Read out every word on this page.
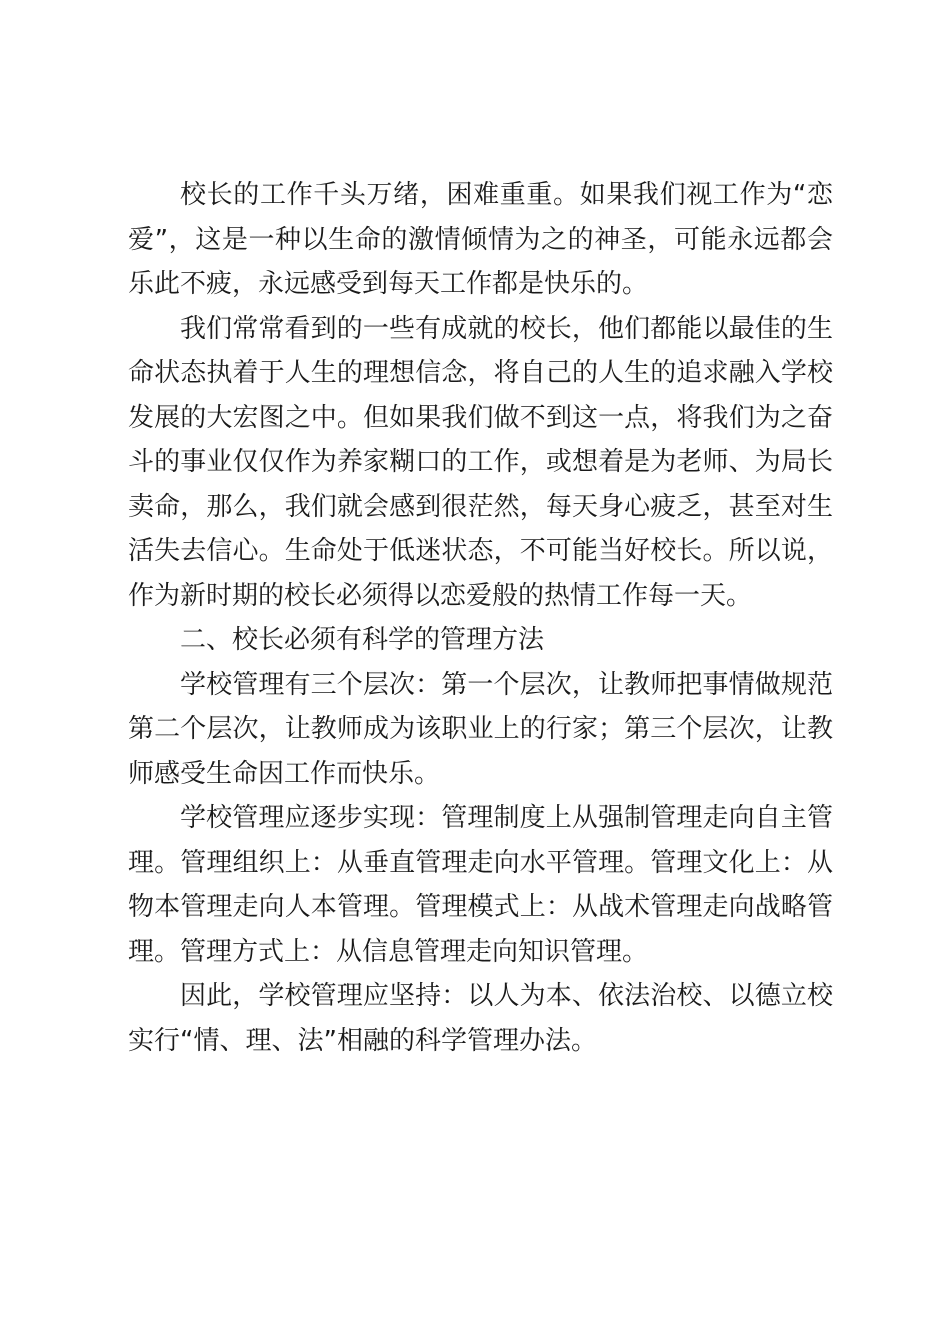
校长的工作千头万绪，困难重重。如果我们视工作为“恋爱”，这是一种以生命的激情倾情为之的神圣，可能永远都会乐此不疲，永远感受到每天工作都是快乐的。

我们常常看到的一些有成就的校长，他们都能以最佳的生命状态执着于人生的理想信念，将自己的人生的追求融入学校发展的大宏图之中。但如果我们做不到这一点，将我们为之奋斗的事业仅仅作为养家糊口的工作，或想着是为老师、为局长卖命，那么，我们就会感到很茫然，每天身心疲乏，甚至对生活失去信心。生命处于低迷状态，不可能当好校长。所以说，作为新时期的校长必须得以恋爱般的热情工作每一天。

二、校长必须有科学的管理方法

学校管理有三个层次：第一个层次，让教师把事情做规范第二个层次，让教师成为该职业上的行家；第三个层次，让教师感受生命因工作而快乐。

学校管理应逐步实现：管理制度上从强制管理走向自主管理。管理组织上：从垂直管理走向水平管理。管理文化上：从物本管理走向人本管理。管理模式上：从战术管理走向战略管理。管理方式上：从信息管理走向知识管理。

因此，学校管理应坚持：以人为本、依法治校、以德立校实行“情、理、法”相融的科学管理办法。
